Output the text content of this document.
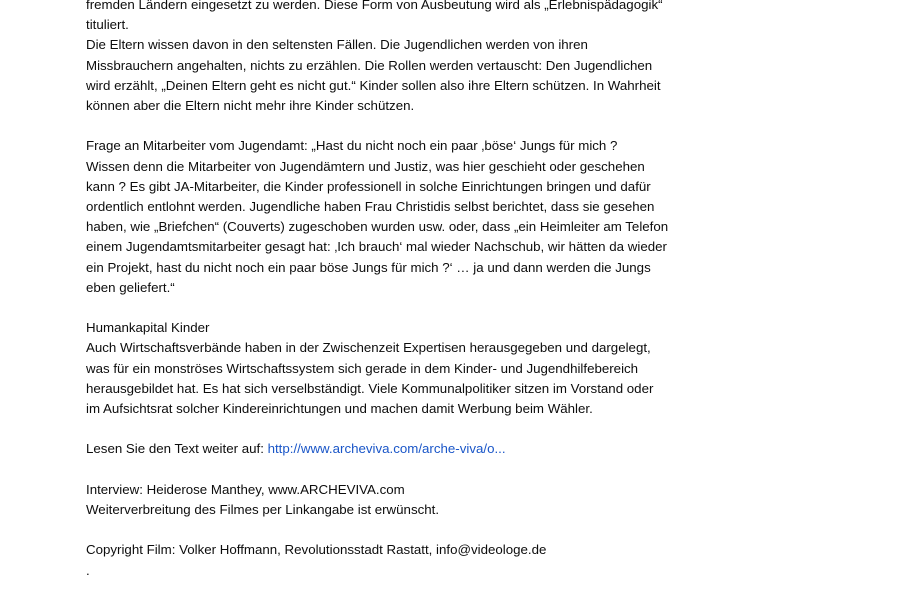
fremden Ländern eingesetzt zu werden. Diese Form von Ausbeutung wird als „Erlebnispädagogik“
tituliert.
Die Eltern wissen davon in den seltensten Fällen. Die Jugendlichen werden von ihren
Missbrauchern angehalten, nichts zu erzählen. Die Rollen werden vertauscht: Den Jugendlichen
wird erzählt, „Deinen Eltern geht es nicht gut.“ Kinder sollen also ihre Eltern schützen. In Wahrheit
können aber die Eltern nicht mehr ihre Kinder schützen.
Frage an Mitarbeiter vom Jugendamt: „Hast du nicht noch ein paar ‚böse‘ Jungs für mich ?
Wissen denn die Mitarbeiter von Jugendämtern und Justiz, was hier geschieht oder geschehen
kann ? Es gibt JA-Mitarbeiter, die Kinder professionell in solche Einrichtungen bringen und dafür
ordentlich entlohnt werden. Jugendliche haben Frau Christidis selbst berichtet, dass sie gesehen
haben, wie „Briefchen“ (Couverts) zugeschoben wurden usw. oder, dass „ein Heimleiter am Telefon
einem Jugendamtsmitarbeiter gesagt hat: ‚Ich brauch‘ mal wieder Nachschub, wir hätten da wieder
ein Projekt, hast du nicht noch ein paar böse Jungs für mich ?‘ … ja und dann werden die Jungs
eben geliefert.“
Humankapital Kinder
Auch Wirtschaftsverbände haben in der Zwischenzeit Expertisen herausgegeben und dargelegt,
was für ein monströses Wirtschaftssystem sich gerade in dem Kinder- und Jugendhilfebereich
herausgebildet hat. Es hat sich verselbständigt. Viele Kommunalpolitiker sitzen im Vorstand oder
im Aufsichtsrat solcher Kindereinrichtungen und machen damit Werbung beim Wähler.
Lesen Sie den Text weiter auf: http://www.archeviva.com/arche-viva/o...
Interview: Heiderose Manthey, www.ARCHEVIVA.com
Weiterverbreitung des Filmes per Linkangabe ist erwünscht.
Copyright Film: Volker Hoffmann, Revolutionsstadt Rastatt, info@videologe.de
.
